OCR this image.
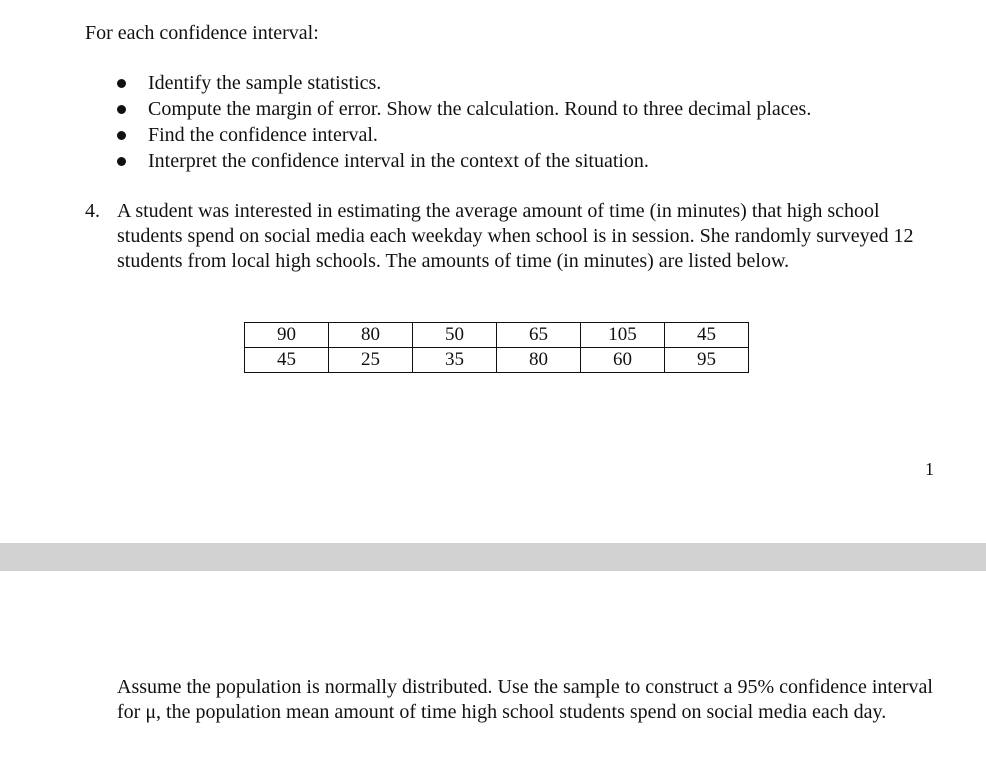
For each confidence interval:

Identify the sample statistics.
Compute the margin of error. Show the calculation. Round to three decimal places.
Find the confidence interval.
Interpret the confidence interval in the context of the situation.
4. A student was interested in estimating the average amount of time (in minutes) that high school students spend on social media each weekday when school is in session. She randomly surveyed 12 students from local high schools. The amounts of time (in minutes) are listed below.

90	80	50	65	105	45
45	25	35	80	60	95
1

Assume the population is normally distributed. Use the sample to construct a 95% confidence interval for μ, the population mean amount of time high school students spend on social media each day.
